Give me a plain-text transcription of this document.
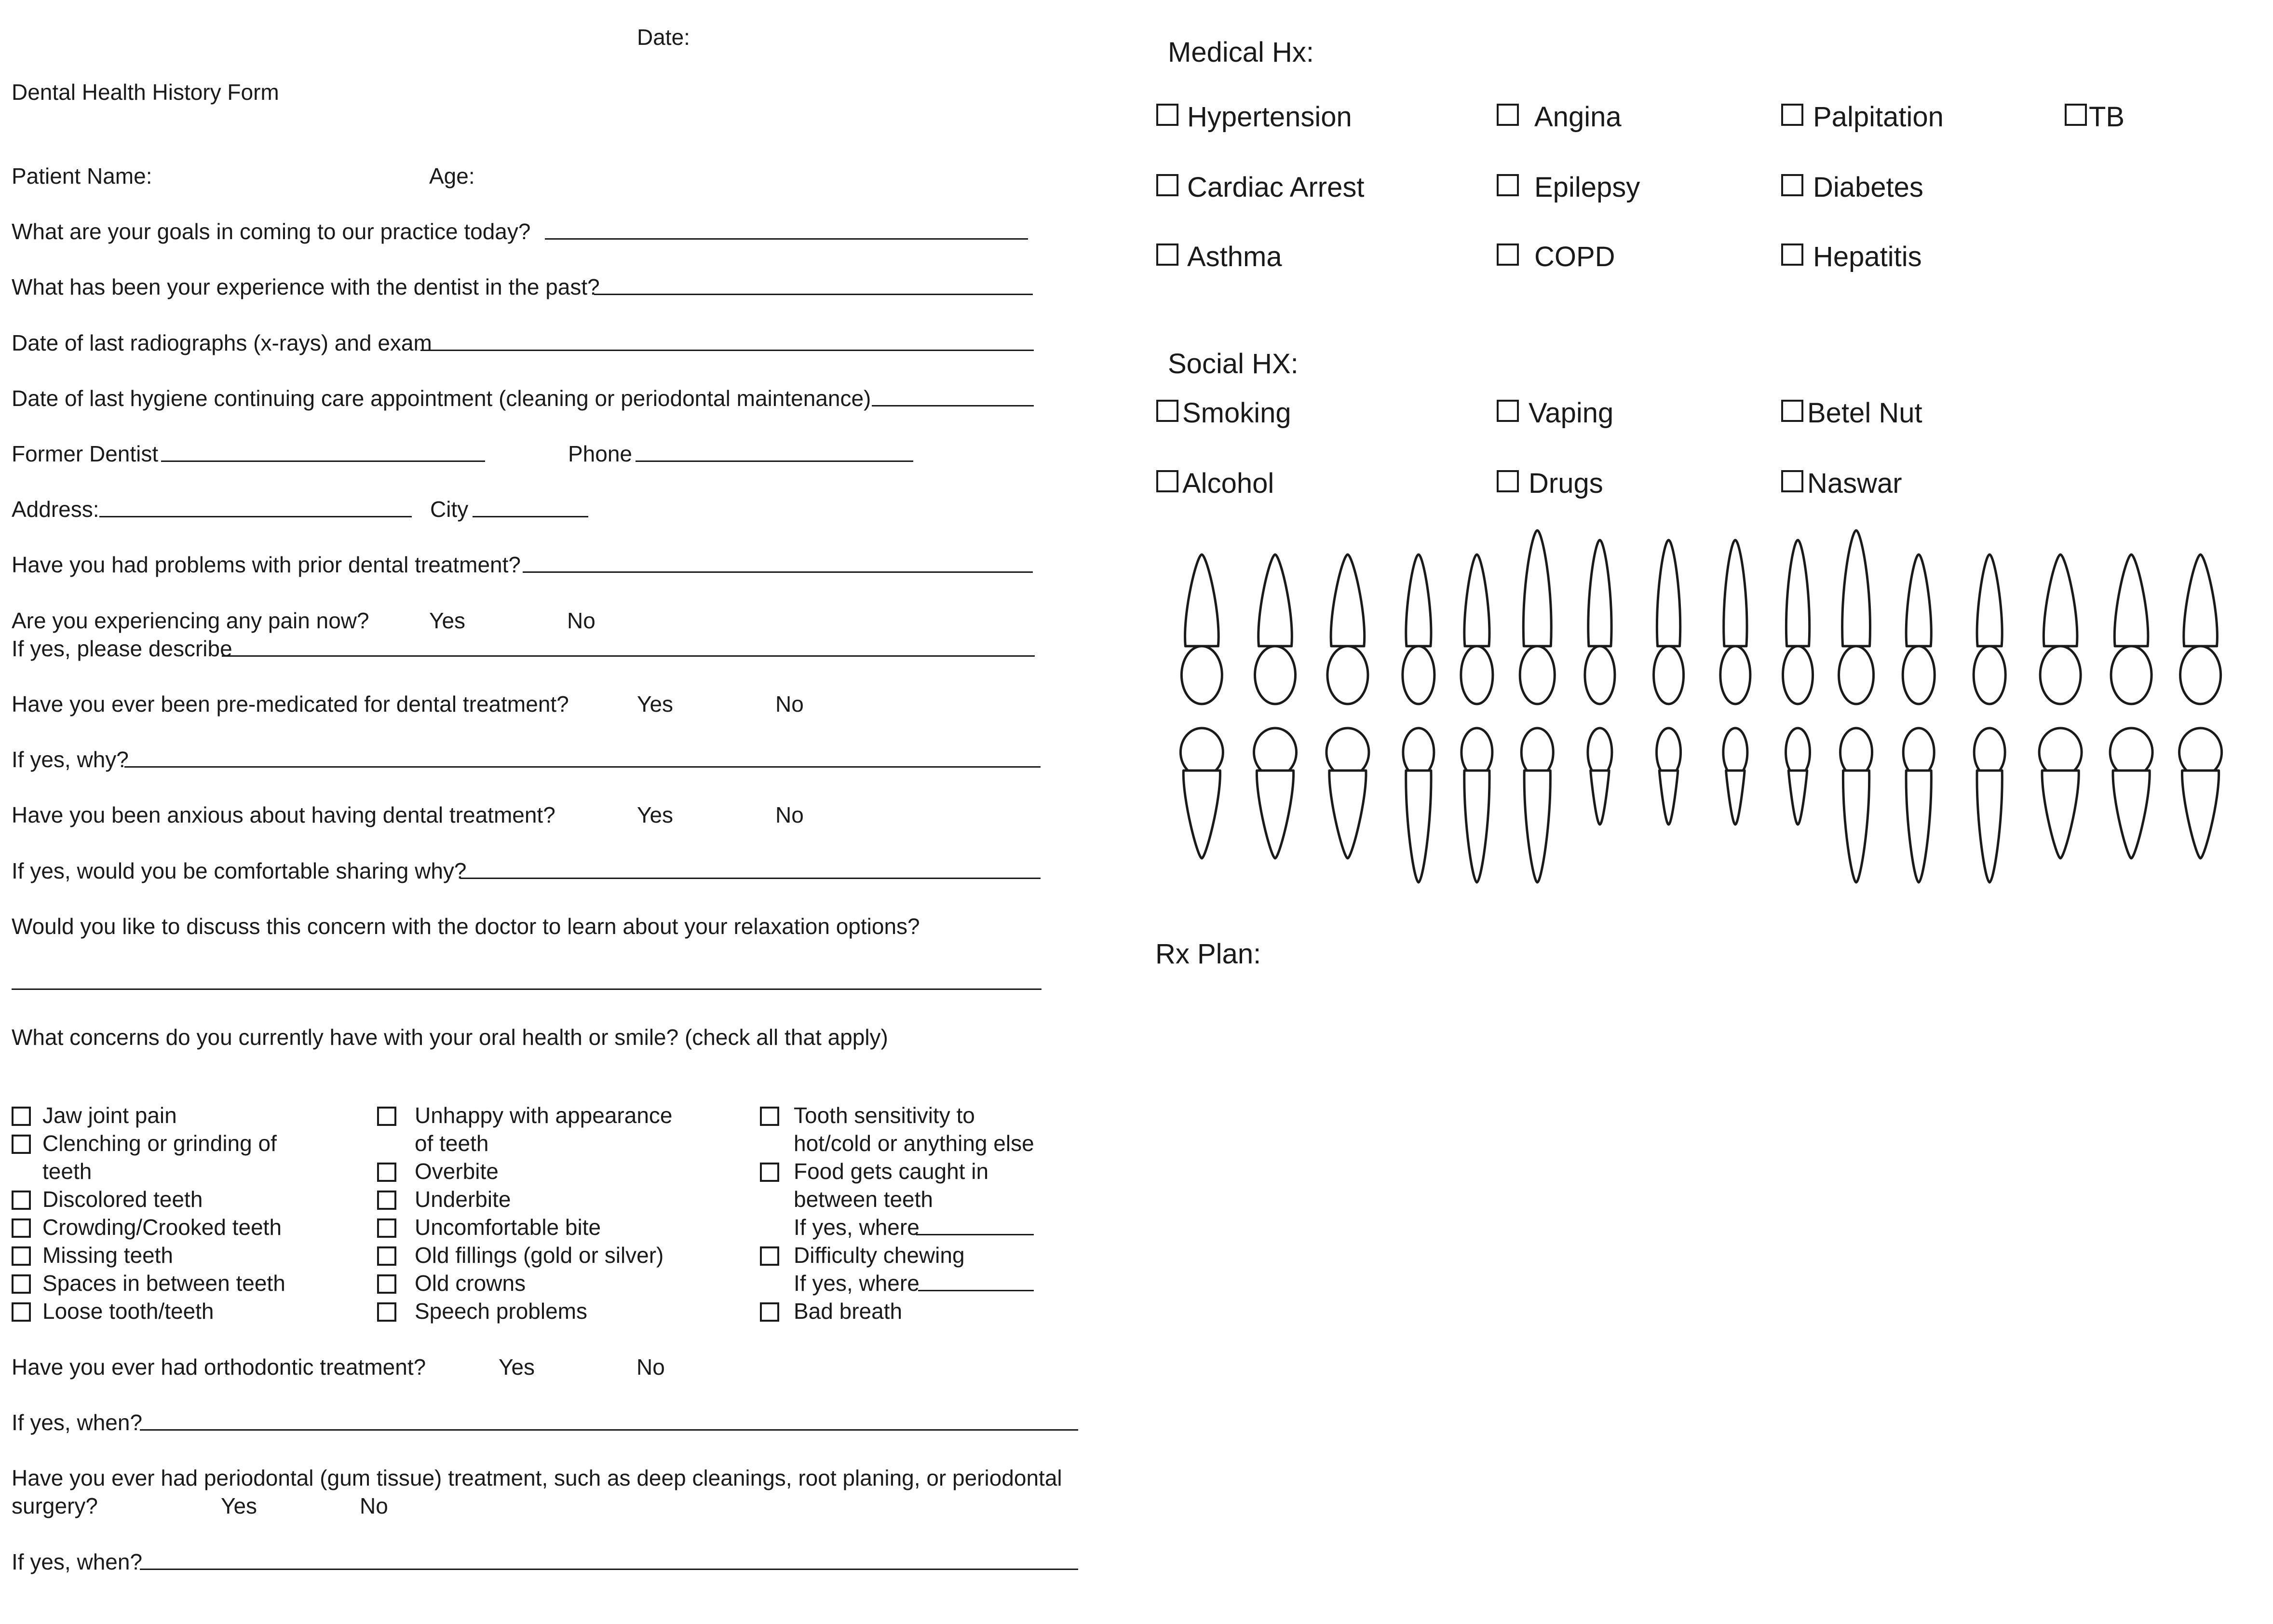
Date:
Dental Health History Form
Patient Name:	Age:
What are your goals in coming to our practice today?
What has been your experience with the dentist in the past?
Date of last radiographs (x-rays) and exam
Date of last hygiene continuing care appointment (cleaning or periodontal maintenance)
Former Dentist	Phone
Address:	City
Have you had problems with prior dental treatment?
Are you experiencing any pain now?	Yes	No
If yes, please describe
Have you ever been pre-medicated for dental treatment?	Yes	No
If yes, why?
Have you been anxious about having dental treatment?	Yes	No
If yes, would you be comfortable sharing why?
Would you like to discuss this concern with the doctor to learn about your relaxation options?
What concerns do you currently have with your oral health or smile? (check all that apply)
Jaw joint pain
Clenching or grinding of
teeth
Discolored teeth
Crowding/Crooked teeth
Missing teeth
Spaces in between teeth
Loose tooth/teeth
Unhappy with appearance
of teeth
Overbite
Underbite
Uncomfortable bite
Old fillings (gold or silver)
Old crowns
Speech problems
Tooth sensitivity to
hot/cold or anything else
Food gets caught in
between teeth
If yes, where
Difficulty chewing
If yes, where
Bad breath
Have you ever had orthodontic treatment?	Yes	No
If yes, when?
Have you ever had periodontal (gum tissue) treatment, such as deep cleanings, root planing, or periodontal
surgery?	Yes	No
If yes, when?
Medical Hx:
Hypertension	Angina	Palpitation	TB
Cardiac Arrest	Epilepsy	Diabetes
Asthma	COPD	Hepatitis
Social HX:
Smoking	Vaping	Betel Nut
Alcohol	Drugs	Naswar
Rx Plan:
